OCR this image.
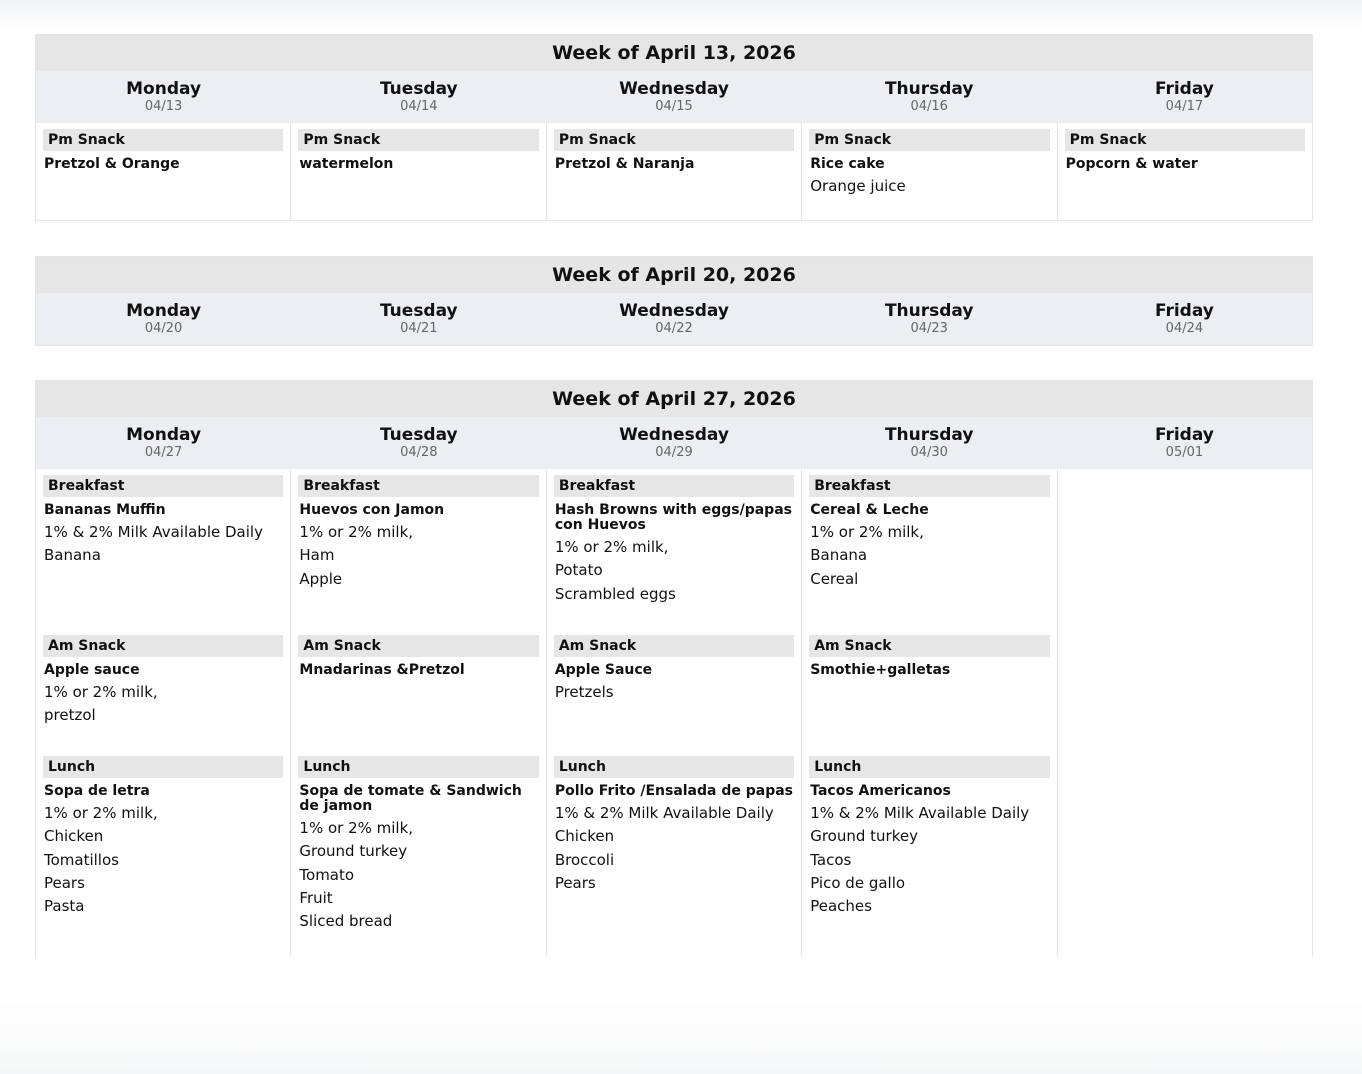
Week of April 13, 2026
Monday
04/13
Tuesday
04/14
Wednesday
04/15
Thursday
04/16
Friday
04/17
Pm Snack
Pretzol & Orange
Pm Snack
watermelon
Pm Snack
Pretzol & Naranja
Pm Snack
Rice cake
Orange juice
Pm Snack
Popcorn & water
Week of April 20, 2026
Monday
04/20
Tuesday
04/21
Wednesday
04/22
Thursday
04/23
Friday
04/24
Week of April 27, 2026
Monday
04/27
Tuesday
04/28
Wednesday
04/29
Thursday
04/30
Friday
05/01
Breakfast
Bananas Muffin
1% & 2% Milk Available Daily
Banana
Am Snack
Apple sauce
1% or 2% milk,
pretzol
Lunch
Sopa de letra
1% or 2% milk,
Chicken
Tomatillos
Pears
Pasta
Breakfast
Huevos con Jamon
1% or 2% milk,
Ham
Apple
Am Snack
Mnadarinas &Pretzol
Lunch
Sopa de tomate & Sandwich de jamon
1% or 2% milk,
Ground turkey
Tomato
Fruit
Sliced bread
Breakfast
Hash Browns with eggs/papas con Huevos
1% or 2% milk,
Potato
Scrambled eggs
Am Snack
Apple Sauce
Pretzels
Lunch
Pollo Frito /Ensalada de papas
1% & 2% Milk Available Daily
Chicken
Broccoli
Pears
Breakfast
Cereal & Leche
1% or 2% milk,
Banana
Cereal
Am Snack
Smothie+galletas
Lunch
Tacos Americanos
1% & 2% Milk Available Daily
Ground turkey
Tacos
Pico de gallo
Peaches
